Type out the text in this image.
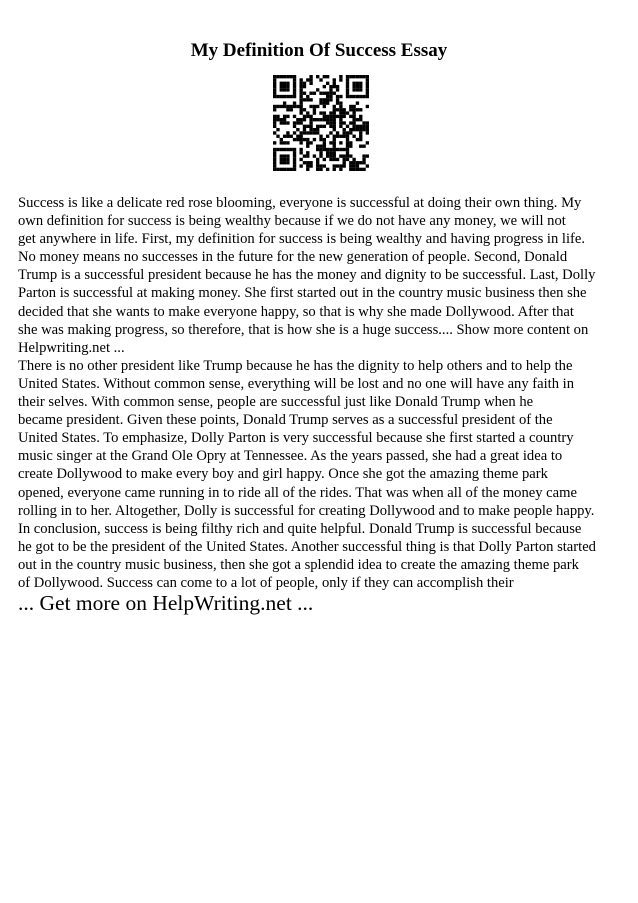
My Definition Of Success Essay

Success is like a delicate red rose blooming, everyone is successful at doing their own thing. My

own definition for success is being wealthy because if we do not have any money, we will not

get anywhere in life. First, my definition for success is being wealthy and having progress in life.

No money means no successes in the future for the new generation of people. Second, Donald

Trump is a successful president because he has the money and dignity to be successful. Last, Dolly

Parton is successful at making money. She first started out in the country music business then she

decided that she wants to make everyone happy, so that is why she made Dollywood. After that

she was making progress, so therefore, that is how she is a huge success.... Show more content on

Helpwriting.net ...

There is no other president like Trump because he has the dignity to help others and to help the

United States. Without common sense, everything will be lost and no one will have any faith in

their selves. With common sense, people are successful just like Donald Trump when he

became president. Given these points, Donald Trump serves as a successful president of the

United States. To emphasize, Dolly Parton is very successful because she first started a country

music singer at the Grand Ole Opry at Tennessee. As the years passed, she had a great idea to

create Dollywood to make every boy and girl happy. Once she got the amazing theme park

opened, everyone came running in to ride all of the rides. That was when all of the money came

rolling in to her. Altogether, Dolly is successful for creating Dollywood and to make people happy.

In conclusion, success is being filthy rich and quite helpful. Donald Trump is successful because

he got to be the president of the United States. Another successful thing is that Dolly Parton started

out in the country music business, then she got a splendid idea to create the amazing theme park

of Dollywood. Success can come to a lot of people, only if they can accomplish their

... Get more on HelpWriting.net ...
